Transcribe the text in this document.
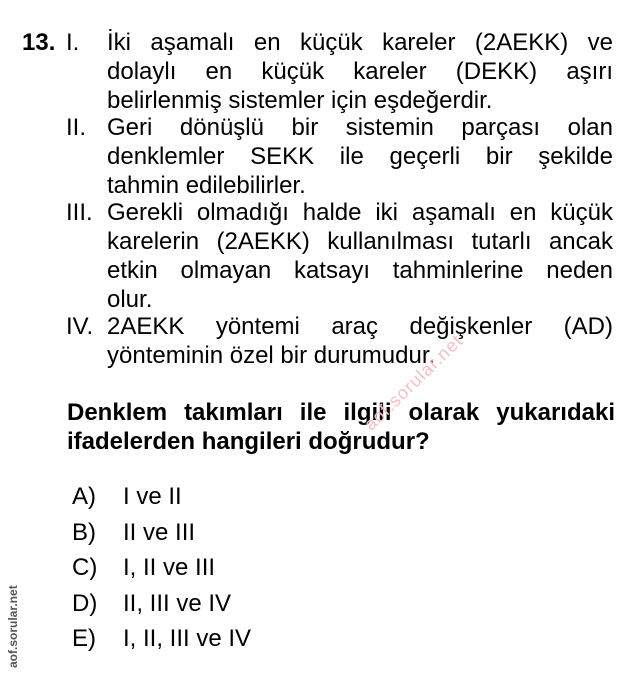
13. I. İki aşamalı en küçük kareler (2AEKK) ve
dolaylı en küçük kareler (DEKK) aşırı
belirlenmiş sistemler için eşdeğerdir.
II. Geri dönüşlü bir sistemin parçası olan
denklemler SEKK ile geçerli bir şekilde
tahmin edilebilirler.
III. Gerekli olmadığı halde iki aşamalı en küçük
karelerin (2AEKK) kullanılması tutarlı ancak
etkin olmayan katsayı tahminlerine neden
olur.
IV. 2AEKK yöntemi araç değişkenler (AD)
yönteminin özel bir durumudur.
Denklem takımları ile ilgili olarak yukarıdaki ifadelerden hangileri doğrudur?
aof.sorular.net
A) I ve II
B) II ve III
C) I, II ve III
D) II, III ve IV
E) I, II, III ve IV
aof.sorular.net
